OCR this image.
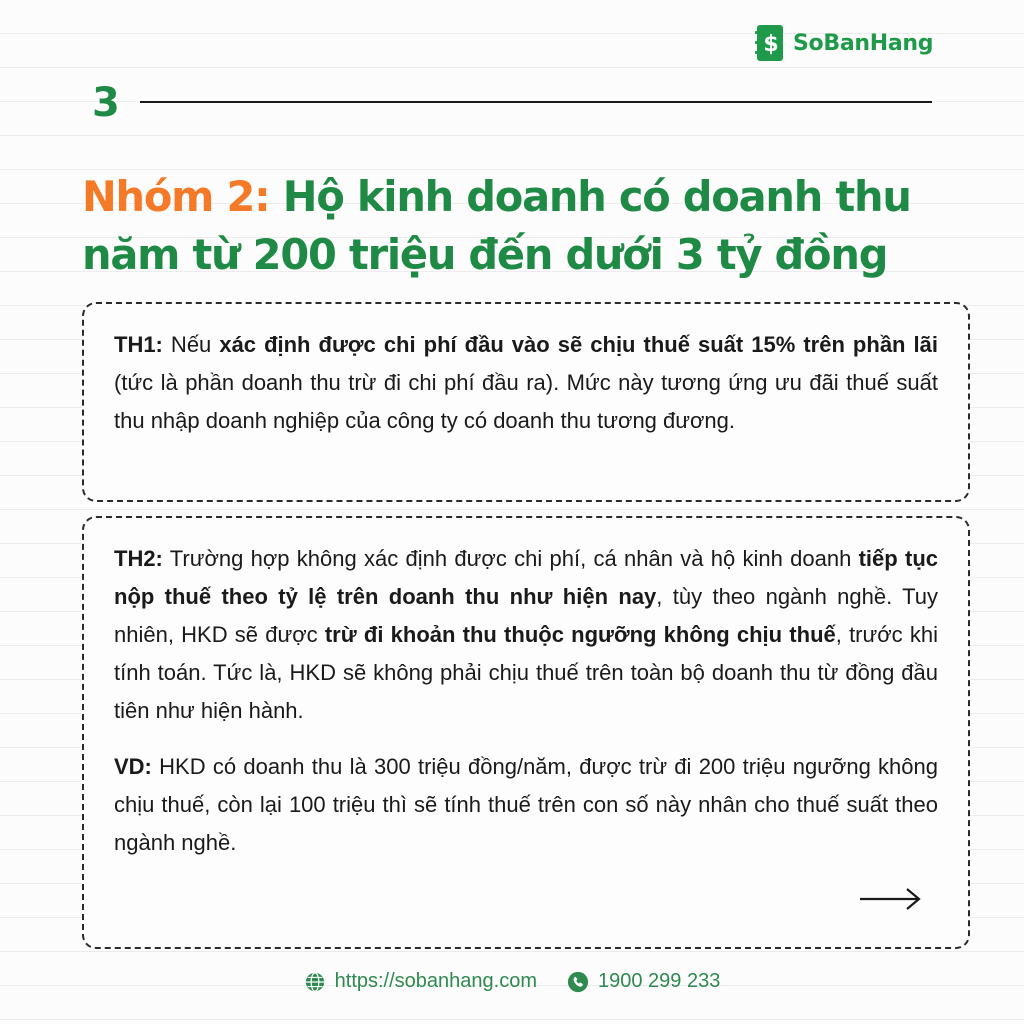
$ SoBanHang
3
Nhóm 2: Hộ kinh doanh có doanh thu năm từ 200 triệu đến dưới 3 tỷ đồng

TH1: Nếu xác định được chi phí đầu vào sẽ chịu thuế suất 15% trên phần lãi (tức là phần doanh thu trừ đi chi phí đầu ra). Mức này tương ứng ưu đãi thuế suất thu nhập doanh nghiệp của công ty có doanh thu tương đương.

TH2: Trường hợp không xác định được chi phí, cá nhân và hộ kinh doanh tiếp tục nộp thuế theo tỷ lệ trên doanh thu như hiện nay, tùy theo ngành nghề. Tuy nhiên, HKD sẽ được trừ đi khoản thu thuộc ngưỡng không chịu thuế, trước khi tính toán. Tức là, HKD sẽ không phải chịu thuế trên toàn bộ doanh thu từ đồng đầu tiên như hiện hành.

VD: HKD có doanh thu là 300 triệu đồng/năm, được trừ đi 200 triệu ngưỡng không chịu thuế, còn lại 100 triệu thì sẽ tính thuế trên con số này nhân cho thuế suất theo ngành nghề.

https://sobanhang.com	1900 299 233
